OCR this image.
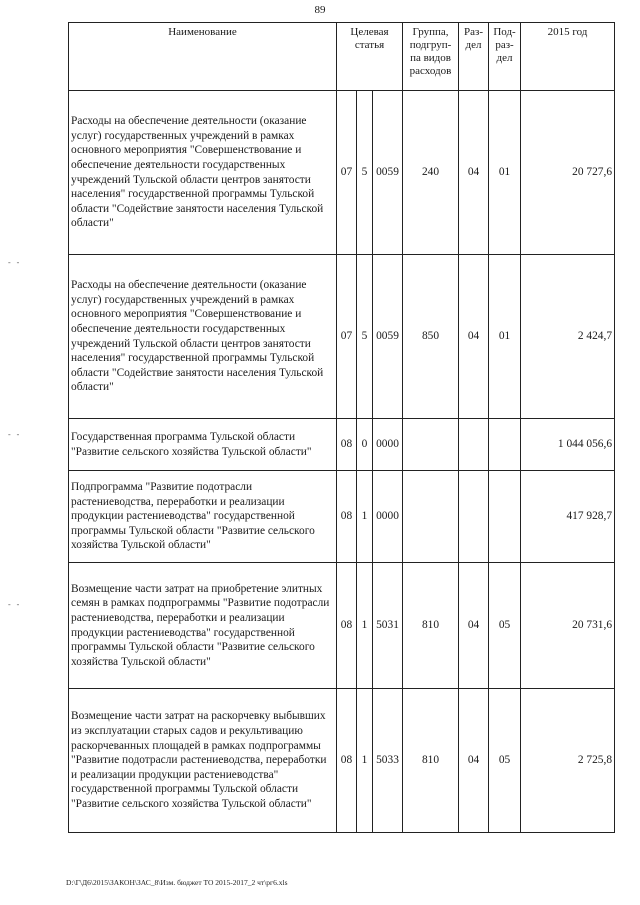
89
- -
- -
- -
Наименование	Целевая статья			Группа, подгруп-па видов расходов	Раз-дел	Под-раз-дел	2015 год
Расходы на обеспечение деятельности (оказание услуг) государственных учреждений в рамках основного мероприятия "Совершенствование и обеспечение деятельности государственных учреждений Тульской области центров занятости населения" государственной программы Тульской области "Содействие занятости населения Тульской области"	07	5	0059	240	04	01	20 727,6
Расходы на обеспечение деятельности (оказание услуг) государственных учреждений в рамках основного мероприятия "Совершенствование и обеспечение деятельности государственных учреждений Тульской области центров занятости населения" государственной программы Тульской области "Содействие занятости населения Тульской области"	07	5	0059	850	04	01	2 424,7
Государственная программа Тульской области "Развитие сельского хозяйства Тульской области"	08	0	0000				1 044 056,6
Подпрограмма "Развитие подотрасли растениеводства, переработки и реализации продукции растениеводства" государственной программы Тульской области "Развитие сельского хозяйства Тульской области"	08	1	0000				417 928,7
Возмещение части затрат на приобретение элитных семян в рамках подпрограммы "Развитие подотрасли растениеводства, переработки и реализации продукции растениеводства" государственной программы Тульской области "Развитие сельского хозяйства Тульской области"	08	1	5031	810	04	05	20 731,6
Возмещение части затрат на раскорчевку выбывших из эксплуатации старых садов и рекультивацию раскорчеванных площадей в рамках подпрограммы "Развитие подотрасли растениеводства, переработки и реализации продукции растениеводства" государственной программы Тульской области "Развитие сельского хозяйства Тульской области"	08	1	5033	810	04	05	2 725,8
D:\Г\Д6\2015\ЗАКОН\ЗАС_8\Изм. бюджет ТО 2015-2017_2 чт\рг6.xls
